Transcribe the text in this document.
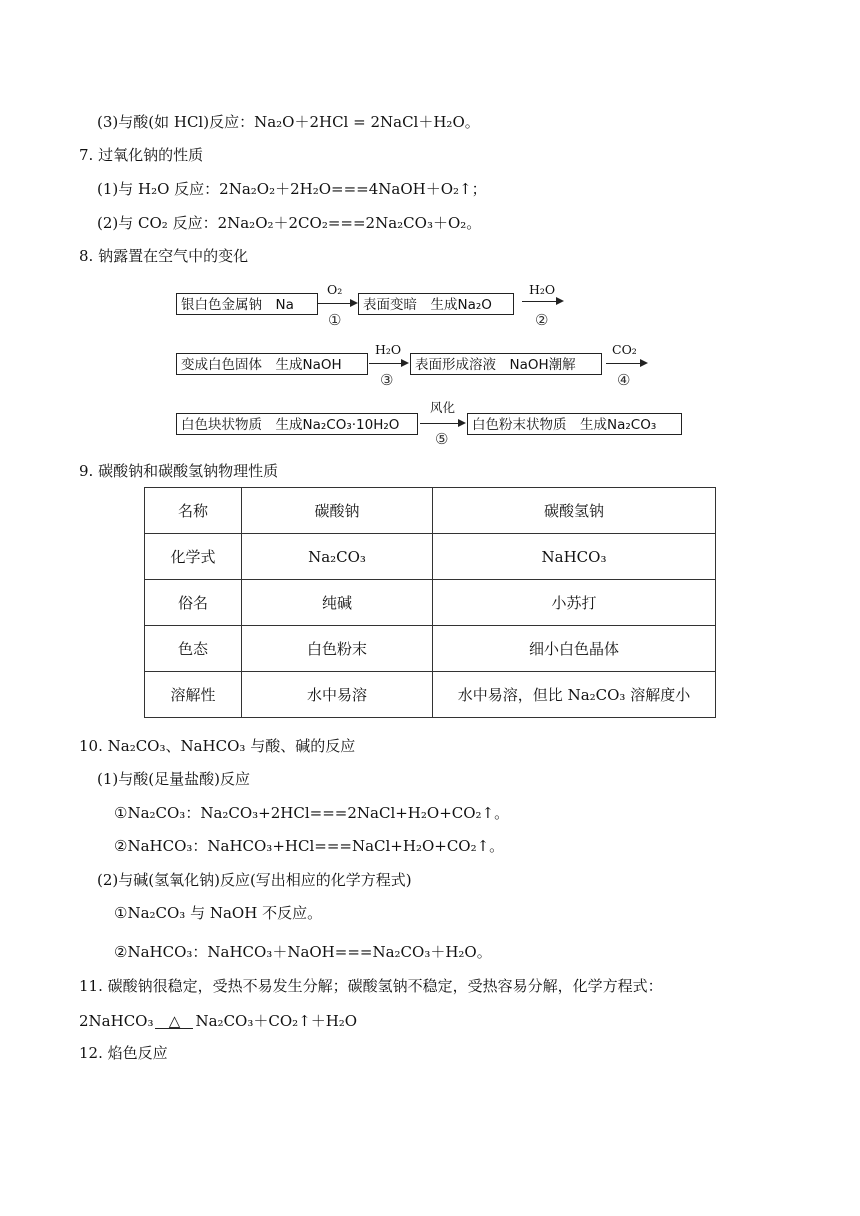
(3)与酸(如 HCl)反应：Na₂O＋2HCl = 2NaCl＋H₂O。
7. 过氧化钠的性质
(1)与 H₂O 反应：2Na₂O₂＋2H₂O===4NaOH＋O₂↑；
(2)与 CO₂ 反应：2Na₂O₂＋2CO₂===2Na₂CO₃＋O₂。
8. 钠露置在空气中的变化
银白色金属钠　Na
O₂
①
表面变暗　生成Na₂O
H₂O
②
变成白色固体　生成NaOH
H₂O
③
表面形成溶液　NaOH潮解
CO₂
④
白色块状物质　生成Na₂CO₃·10H₂O
风化
⑤
白色粉末状物质　生成Na₂CO₃
9. 碳酸钠和碳酸氢钠物理性质
名称	碳酸钠	碳酸氢钠
化学式	Na₂CO₃	NaHCO₃
俗名	纯碱	小苏打
色态	白色粉末	细小白色晶体
溶解性	水中易溶	水中易溶，但比 Na₂CO₃ 溶解度小
10. Na₂CO₃、NaHCO₃ 与酸、碱的反应
(1)与酸(足量盐酸)反应
①Na₂CO₃：Na₂CO₃+2HCl===2NaCl+H₂O+CO₂↑。
②NaHCO₃：NaHCO₃+HCl===NaCl+H₂O+CO₂↑。
(2)与碱(氢氧化钠)反应(写出相应的化学方程式)
①Na₂CO₃ 与 NaOH 不反应。
②NaHCO₃：NaHCO₃＋NaOH===Na₂CO₃＋H₂O。
11. 碳酸钠很稳定，受热不易发生分解；碳酸氢钠不稳定，受热容易分解，化学方程式：
2NaHCO₃ △ Na₂CO₃＋CO₂↑＋H₂O
12. 焰色反应
